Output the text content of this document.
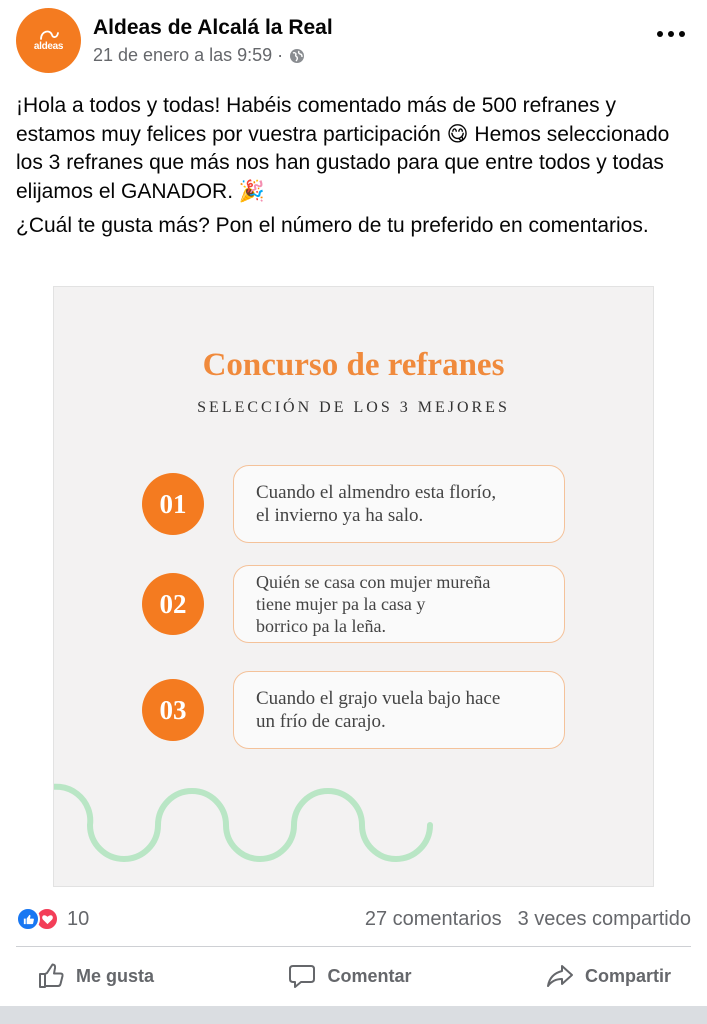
aldeas
Aldeas de Alcalá la Real
21 de enero a las 9:59 ·

¡Hola a todos y todas! Habéis comentado más de 500 refranes y estamos muy felices por vuestra participación 😋 Hemos seleccionado los 3 refranes que más nos han gustado para que entre todos y todas elijamos el GANADOR. 🎉

¿Cuál te gusta más? Pon el número de tu preferido en comentarios.

Concurso de refranes
SELECCIÓN DE LOS 3 MEJORES
01	Cuando el almendro esta florío,
el invierno ya ha salo.
02
Quién se casa con mujer mureña
tiene mujer pa la casa y
borrico pa la leña.
03	Cuando el grajo vuela bajo hace
un frío de carajo.
10	27 comentarios 3 veces compartido
Me gusta	Comentar	Compartir
